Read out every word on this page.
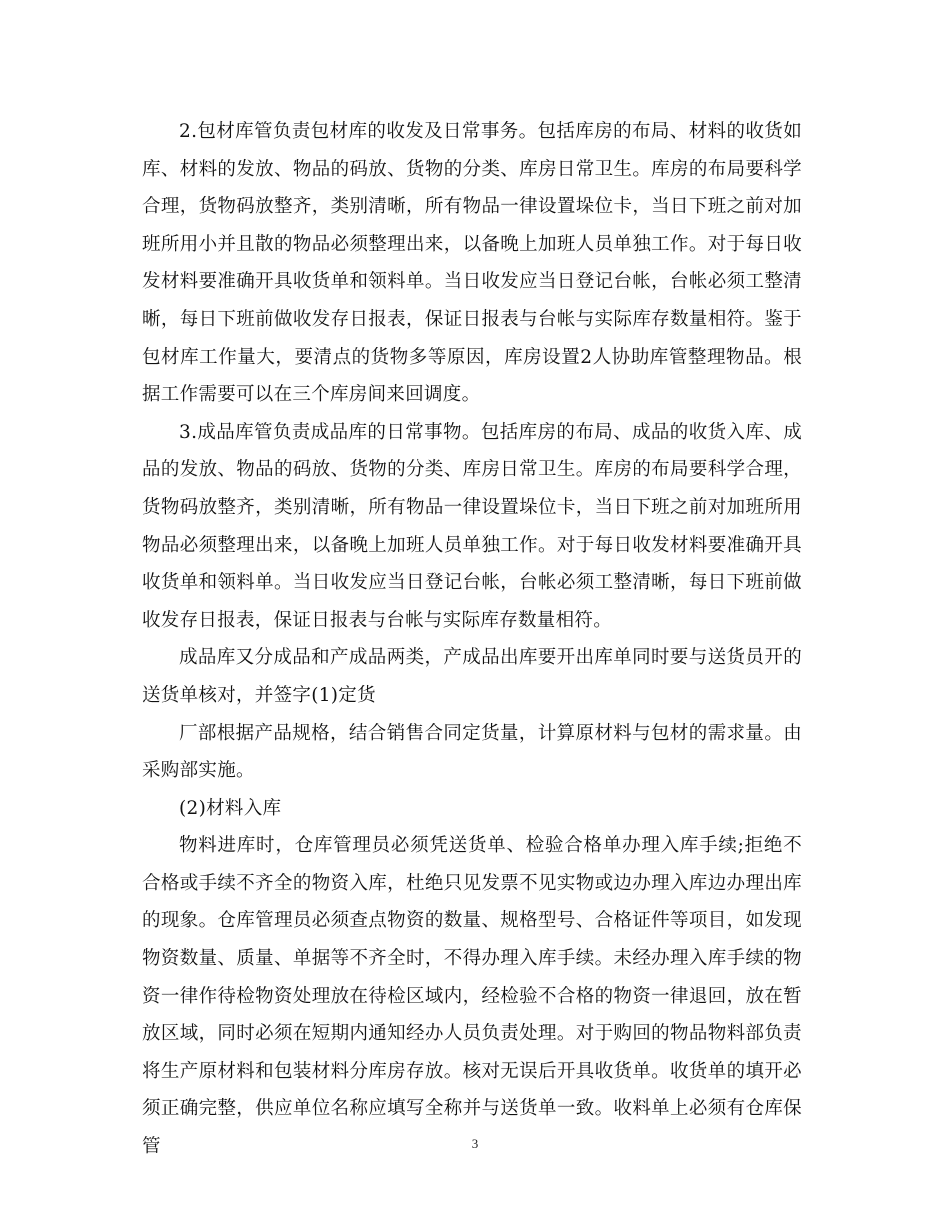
2.包材库管负责包材库的收发及日常事务。包括库房的布局、材料的收货如库、材料的发放、物品的码放、货物的分类、库房日常卫生。库房的布局要科学合理，货物码放整齐，类别清晰，所有物品一律设置垛位卡，当日下班之前对加班所用小并且散的物品必须整理出来，以备晚上加班人员单独工作。对于每日收发材料要准确开具收货单和领料单。当日收发应当日登记台帐，台帐必须工整清晰，每日下班前做收发存日报表，保证日报表与台帐与实际库存数量相符。鉴于包材库工作量大，要清点的货物多等原因，库房设置2人协助库管整理物品。根据工作需要可以在三个库房间来回调度。

3.成品库管负责成品库的日常事物。包括库房的布局、成品的收货入库、成品的发放、物品的码放、货物的分类、库房日常卫生。库房的布局要科学合理，货物码放整齐，类别清晰，所有物品一律设置垛位卡，当日下班之前对加班所用物品必须整理出来，以备晚上加班人员单独工作。对于每日收发材料要准确开具收货单和领料单。当日收发应当日登记台帐，台帐必须工整清晰，每日下班前做收发存日报表，保证日报表与台帐与实际库存数量相符。

成品库又分成品和产成品两类，产成品出库要开出库单同时要与送货员开的送货单核对，并签字(1)定货

厂部根据产品规格，结合销售合同定货量，计算原材料与包材的需求量。由采购部实施。

(2)材料入库

物料进库时，仓库管理员必须凭送货单、检验合格单办理入库手续;拒绝不合格或手续不齐全的物资入库，杜绝只见发票不见实物或边办理入库边办理出库的现象。仓库管理员必须查点物资的数量、规格型号、合格证件等项目，如发现物资数量、质量、单据等不齐全时，不得办理入库手续。未经办理入库手续的物资一律作待检物资处理放在待检区域内，经检验不合格的物资一律退回，放在暂放区域，同时必须在短期内通知经办人员负责处理。对于购回的物品物料部负责将生产原材料和包装材料分库房存放。核对无误后开具收货单。收货单的填开必须正确完整，供应单位名称应填写全称并与送货单一致。收料单上必须有仓库保管	3
